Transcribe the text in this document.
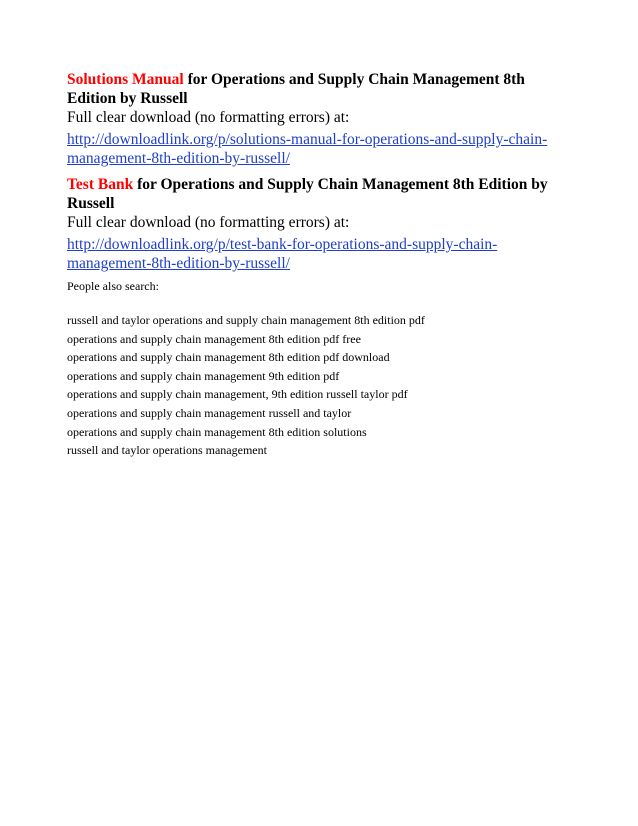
Solutions Manual for Operations and Supply Chain Management 8th Edition by Russell

Full clear download (no formatting errors) at:

http://downloadlink.org/p/solutions-manual-for-operations-and-supply-chain-management-8th-edition-by-russell/

Test Bank for Operations and Supply Chain Management 8th Edition by Russell

Full clear download (no formatting errors) at:

http://downloadlink.org/p/test-bank-for-operations-and-supply-chain-management-8th-edition-by-russell/

People also search:

russell and taylor operations and supply chain management 8th edition pdf
operations and supply chain management 8th edition pdf free
operations and supply chain management 8th edition pdf download
operations and supply chain management 9th edition pdf
operations and supply chain management, 9th edition russell taylor pdf
operations and supply chain management russell and taylor
operations and supply chain management 8th edition solutions
russell and taylor operations management
